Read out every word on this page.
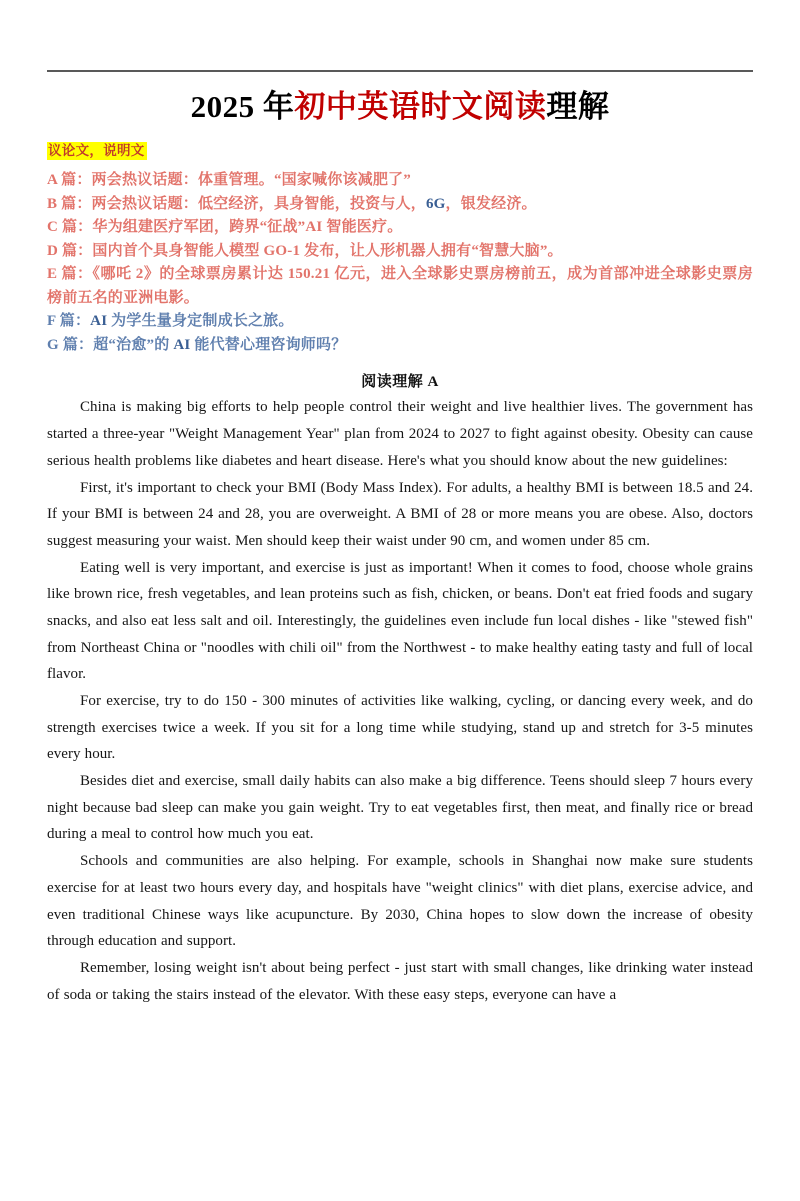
2025 年初中英语时文阅读理解
议论文，说明文
A 篇：两会热议话题：体重管理。“国家喊你该减肥了”
B 篇：两会热议话题：低空经济，具身智能，投资与人，6G，银发经济。
C 篇：华为组建医疗军团，跨界“征战”AI 智能医疗。
D 篇：国内首个具身智能人模型 GO-1 发布，让人形机器人拥有“智慧大脑”。
E 篇：《哪吒 2》的全球票房累计达 150.21 亿元，进入全球影史票房榜前五，成为首部冲进全球影史票房榜前五名的亚洲电影。
F 篇：AI 为学生量身定制成长之旅。
G 篇：超“治愈”的 AI 能代替心理咨询师吗？
阅读理解 A

China is making big efforts to help people control their weight and live healthier lives. The government has started a three-year "Weight Management Year" plan from 2024 to 2027 to fight against obesity. Obesity can cause serious health problems like diabetes and heart disease. Here's what you should know about the new guidelines:

First, it's important to check your BMI (Body Mass Index). For adults, a healthy BMI is between 18.5 and 24. If your BMI is between 24 and 28, you are overweight. A BMI of 28 or more means you are obese. Also, doctors suggest measuring your waist. Men should keep their waist under 90 cm, and women under 85 cm.

Eating well is very important, and exercise is just as important! When it comes to food, choose whole grains like brown rice, fresh vegetables, and lean proteins such as fish, chicken, or beans. Don't eat fried foods and sugary snacks, and also eat less salt and oil. Interestingly, the guidelines even include fun local dishes - like "stewed fish" from Northeast China or "noodles with chili oil" from the Northwest - to make healthy eating tasty and full of local flavor.

For exercise, try to do 150 - 300 minutes of activities like walking, cycling, or dancing every week, and do strength exercises twice a week. If you sit for a long time while studying, stand up and stretch for 3-5 minutes every hour.

Besides diet and exercise, small daily habits can also make a big difference. Teens should sleep 7 hours every night because bad sleep can make you gain weight. Try to eat vegetables first, then meat, and finally rice or bread during a meal to control how much you eat.

Schools and communities are also helping. For example, schools in Shanghai now make sure students exercise for at least two hours every day, and hospitals have "weight clinics" with diet plans, exercise advice, and even traditional Chinese ways like acupuncture. By 2030, China hopes to slow down the increase of obesity through education and support.

Remember, losing weight isn't about being perfect - just start with small changes, like drinking water instead of soda or taking the stairs instead of the elevator. With these easy steps, everyone can have a
